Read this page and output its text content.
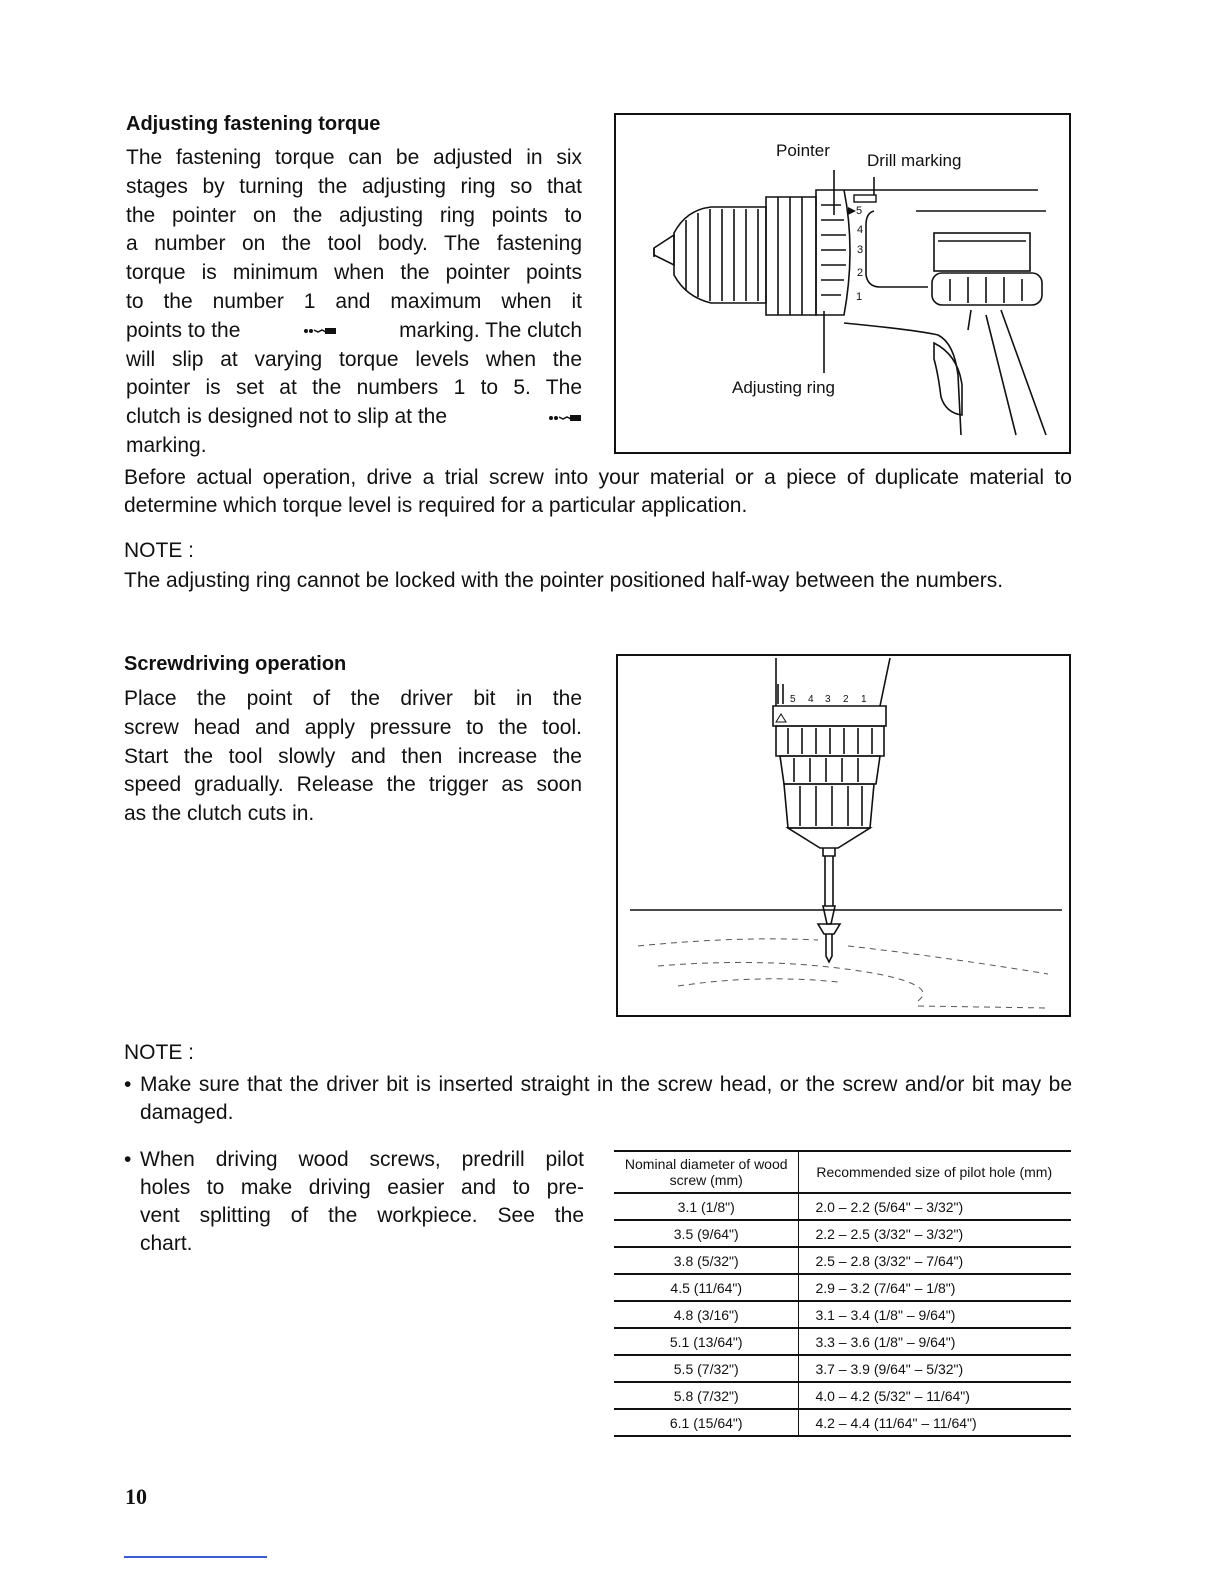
Adjusting fastening torque
The fastening torque can be adjusted in six
stages by turning the adjusting ring so that
the pointer on the adjusting ring points to
a number on the tool body. The fastening
torque is minimum when the pointer points
to the number 1 and maximum when it
points to the	marking. The clutch
will slip at varying torque levels when the
pointer is set at the numbers 1 to 5. The
clutch is designed not to slip at the
marking.
Before actual operation, drive a trial screw into your material or a piece of duplicate material to determine which torque level is required for a particular application.
NOTE :
The adjusting ring cannot be locked with the pointer positioned half-way between the numbers.
Pointer
Drill marking
Adjusting ring
5
4
3
2
1
Screwdriving operation
Place the point of the driver bit in the
screw head and apply pressure to the tool.
Start the tool slowly and then increase the
speed gradually. Release the trigger as soon
as the clutch cuts in.
5 4 3 2 1
NOTE :
• Make sure that the driver bit is inserted straight in the screw head, or the screw and/or bit may be damaged.
• When driving wood screws, predrill pilot
holes to make driving easier and to pre-
vent splitting of the workpiece. See the
chart.
Nominal diameter of wood screw (mm)	Recommended size of pilot hole (mm)
3.1 (1/8")	2.0 – 2.2 (5/64" – 3/32")
3.5 (9/64")	2.2 – 2.5 (3/32" – 3/32")
3.8 (5/32")	2.5 – 2.8 (3/32" – 7/64")
4.5 (11/64")	2.9 – 3.2 (7/64" – 1/8")
4.8 (3/16")	3.1 – 3.4 (1/8" – 9/64")
5.1 (13/64")	3.3 – 3.6 (1/8" – 9/64")
5.5 (7/32")	3.7 – 3.9 (9/64" – 5/32")
5.8 (7/32")	4.0 – 4.2 (5/32" – 11/64")
6.1 (15/64")	4.2 – 4.4 (11/64" – 11/64")
10
